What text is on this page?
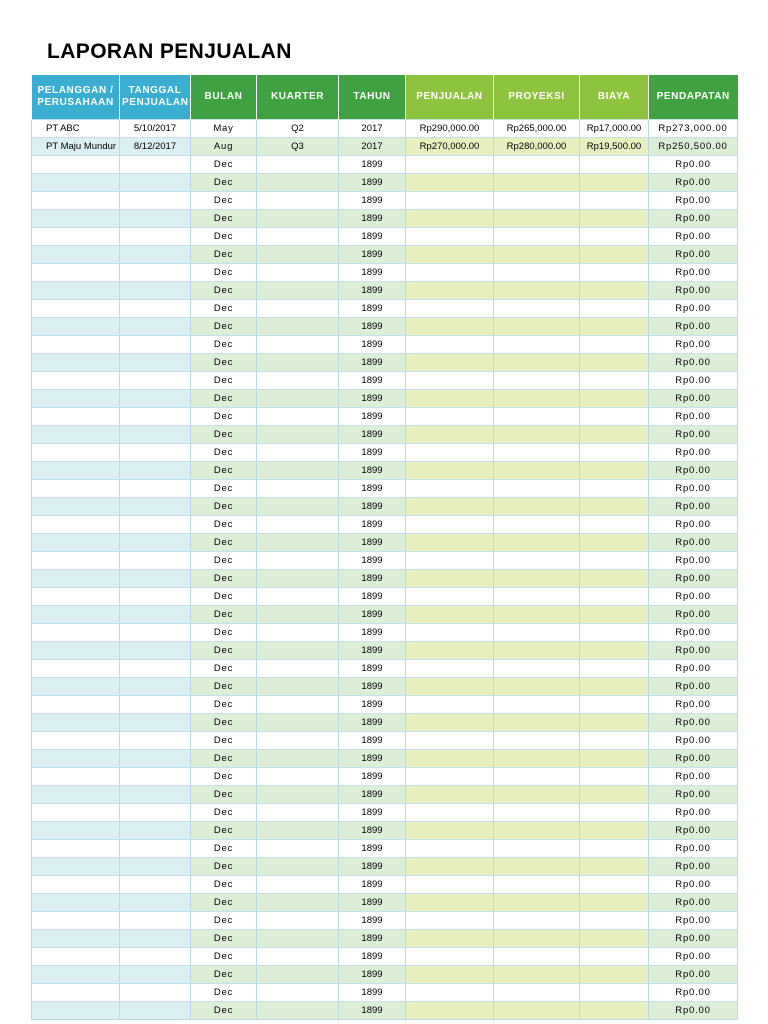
LAPORAN PENJUALAN
PELANGGAN / PERUSAHAAN	TANGGAL PENJUALAN	BULAN	KUARTER	TAHUN	PENJUALAN	PROYEKSI	BIAYA	PENDAPATAN
PT ABC	5/10/2017	May	Q2	2017	Rp290,000.00	Rp265,000.00	Rp17,000.00	Rp273,000.00
PT Maju Mundur	8/12/2017	Aug	Q3	2017	Rp270,000.00	Rp280,000.00	Rp19,500.00	Rp250,500.00
		Dec		1899				Rp0.00
		Dec		1899				Rp0.00
		Dec		1899				Rp0.00
		Dec		1899				Rp0.00
		Dec		1899				Rp0.00
		Dec		1899				Rp0.00
		Dec		1899				Rp0.00
		Dec		1899				Rp0.00
		Dec		1899				Rp0.00
		Dec		1899				Rp0.00
		Dec		1899				Rp0.00
		Dec		1899				Rp0.00
		Dec		1899				Rp0.00
		Dec		1899				Rp0.00
		Dec		1899				Rp0.00
		Dec		1899				Rp0.00
		Dec		1899				Rp0.00
		Dec		1899				Rp0.00
		Dec		1899				Rp0.00
		Dec		1899				Rp0.00
		Dec		1899				Rp0.00
		Dec		1899				Rp0.00
		Dec		1899				Rp0.00
		Dec		1899				Rp0.00
		Dec		1899				Rp0.00
		Dec		1899				Rp0.00
		Dec		1899				Rp0.00
		Dec		1899				Rp0.00
		Dec		1899				Rp0.00
		Dec		1899				Rp0.00
		Dec		1899				Rp0.00
		Dec		1899				Rp0.00
		Dec		1899				Rp0.00
		Dec		1899				Rp0.00
		Dec		1899				Rp0.00
		Dec		1899				Rp0.00
		Dec		1899				Rp0.00
		Dec		1899				Rp0.00
		Dec		1899				Rp0.00
		Dec		1899				Rp0.00
		Dec		1899				Rp0.00
		Dec		1899				Rp0.00
		Dec		1899				Rp0.00
		Dec		1899				Rp0.00
		Dec		1899				Rp0.00
		Dec		1899				Rp0.00
		Dec		1899				Rp0.00
		Dec		1899				Rp0.00
